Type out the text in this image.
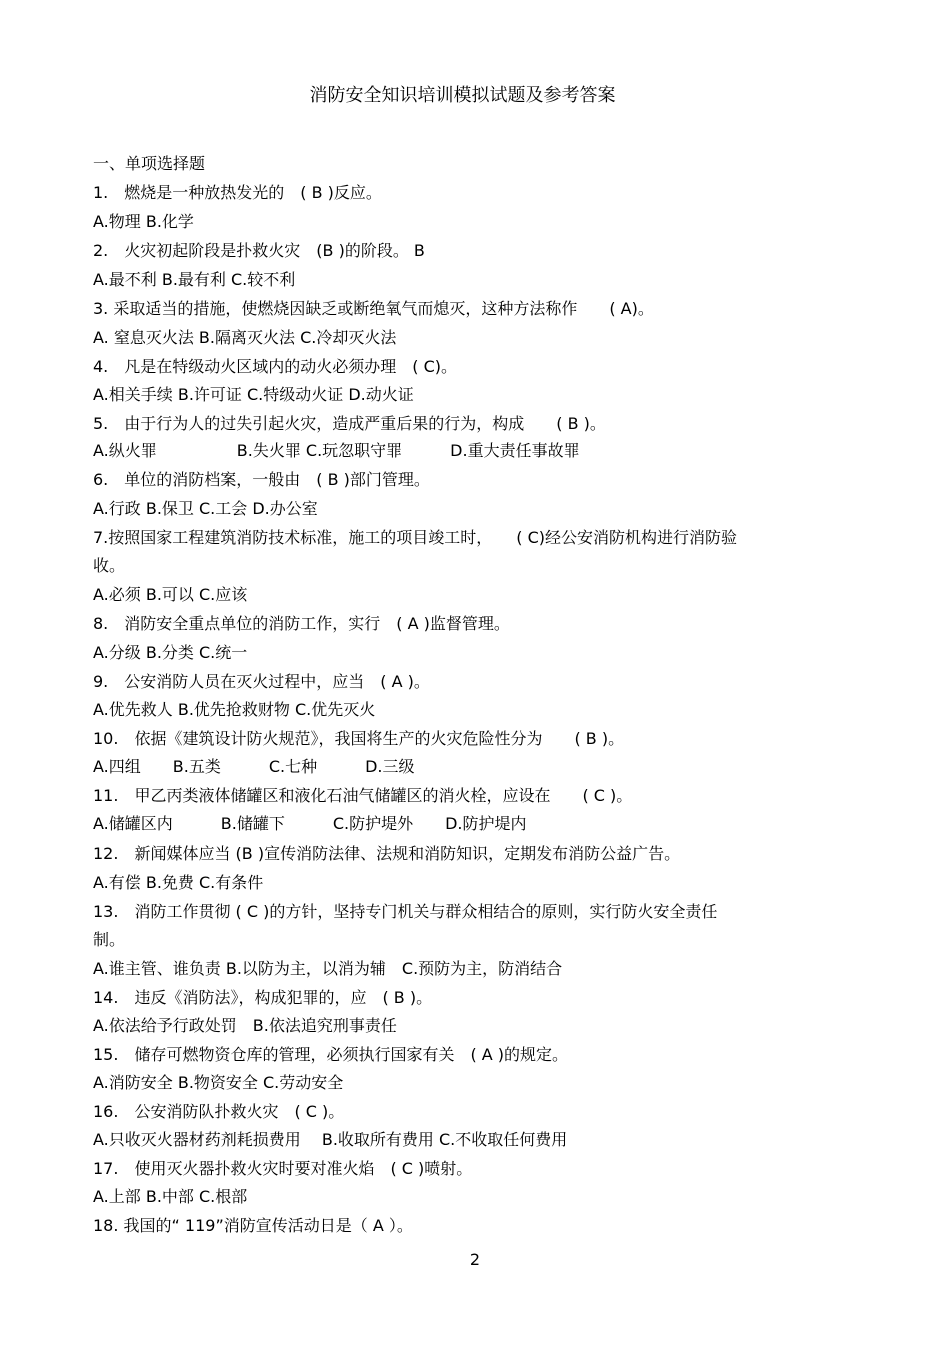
消防安全知识培训模拟试题及参考答案
一、单项选择题
1.　燃烧是一种放热发光的　( B )反应。
A.物理 B.化学
2.　火灾初起阶段是扑救火灾　(B )的阶段。 B
A.最不利 B.最有利 C.较不利
3. 采取适当的措施，使燃烧因缺乏或断绝氧气而熄灭，这种方法称作　　( A)。
A. 窒息灭火法 B.隔离灭火法 C.冷却灭火法
4.　凡是在特级动火区域内的动火必须办理　( C)。
A.相关手续 B.许可证 C.特级动火证 D.动火证
5.　由于行为人的过失引起火灾，造成严重后果的行为，构成　　( B )。
A.纵火罪　　　　　B.失火罪 C.玩忽职守罪　　　D.重大责任事故罪
6.　单位的消防档案，一般由　( B )部门管理。
A.行政 B.保卫 C.工会 D.办公室
7.按照国家工程建筑消防技术标准，施工的项目竣工时，　　( C)经公安消防机构进行消防验
收。
A.必须 B.可以 C.应该
8.　消防安全重点单位的消防工作，实行　( A )监督管理。
A.分级 B.分类 C.统一
9.　公安消防人员在灭火过程中，应当　( A )。
A.优先救人 B.优先抢救财物 C.优先灭火
10.　依据《建筑设计防火规范》，我国将生产的火灾危险性分为　　( B )。
A.四组　　B.五类　　　C.七种　　　D.三级
11.　甲乙丙类液体储罐区和液化石油气储罐区的消火栓，应设在　　( C )。
A.储罐区内　　　B.储罐下　　　C.防护堤外　　D.防护堤内
12.　新闻媒体应当 (B )宣传消防法律、法规和消防知识，定期发布消防公益广告。
A.有偿 B.免费 C.有条件
13.　消防工作贯彻 ( C )的方针，坚持专门机关与群众相结合的原则，实行防火安全责任
制。
A.谁主管、谁负责 B.以防为主，以消为辅　C.预防为主，防消结合
14.　违反《消防法》，构成犯罪的，应　( B )。
A.依法给予行政处罚　B.依法追究刑事责任
15.　储存可燃物资仓库的管理，必须执行国家有关　( A )的规定。
A.消防安全 B.物资安全 C.劳动安全
16.　公安消防队扑救火灾　( C )。
A.只收灭火器材药剂耗损费用　 B.收取所有费用 C.不收取任何费用
17.　使用灭火器扑救火灾时要对准火焰　( C )喷射。
A.上部 B.中部 C.根部
18. 我国的“ 119”消防宣传活动日是（ A ）。
2
